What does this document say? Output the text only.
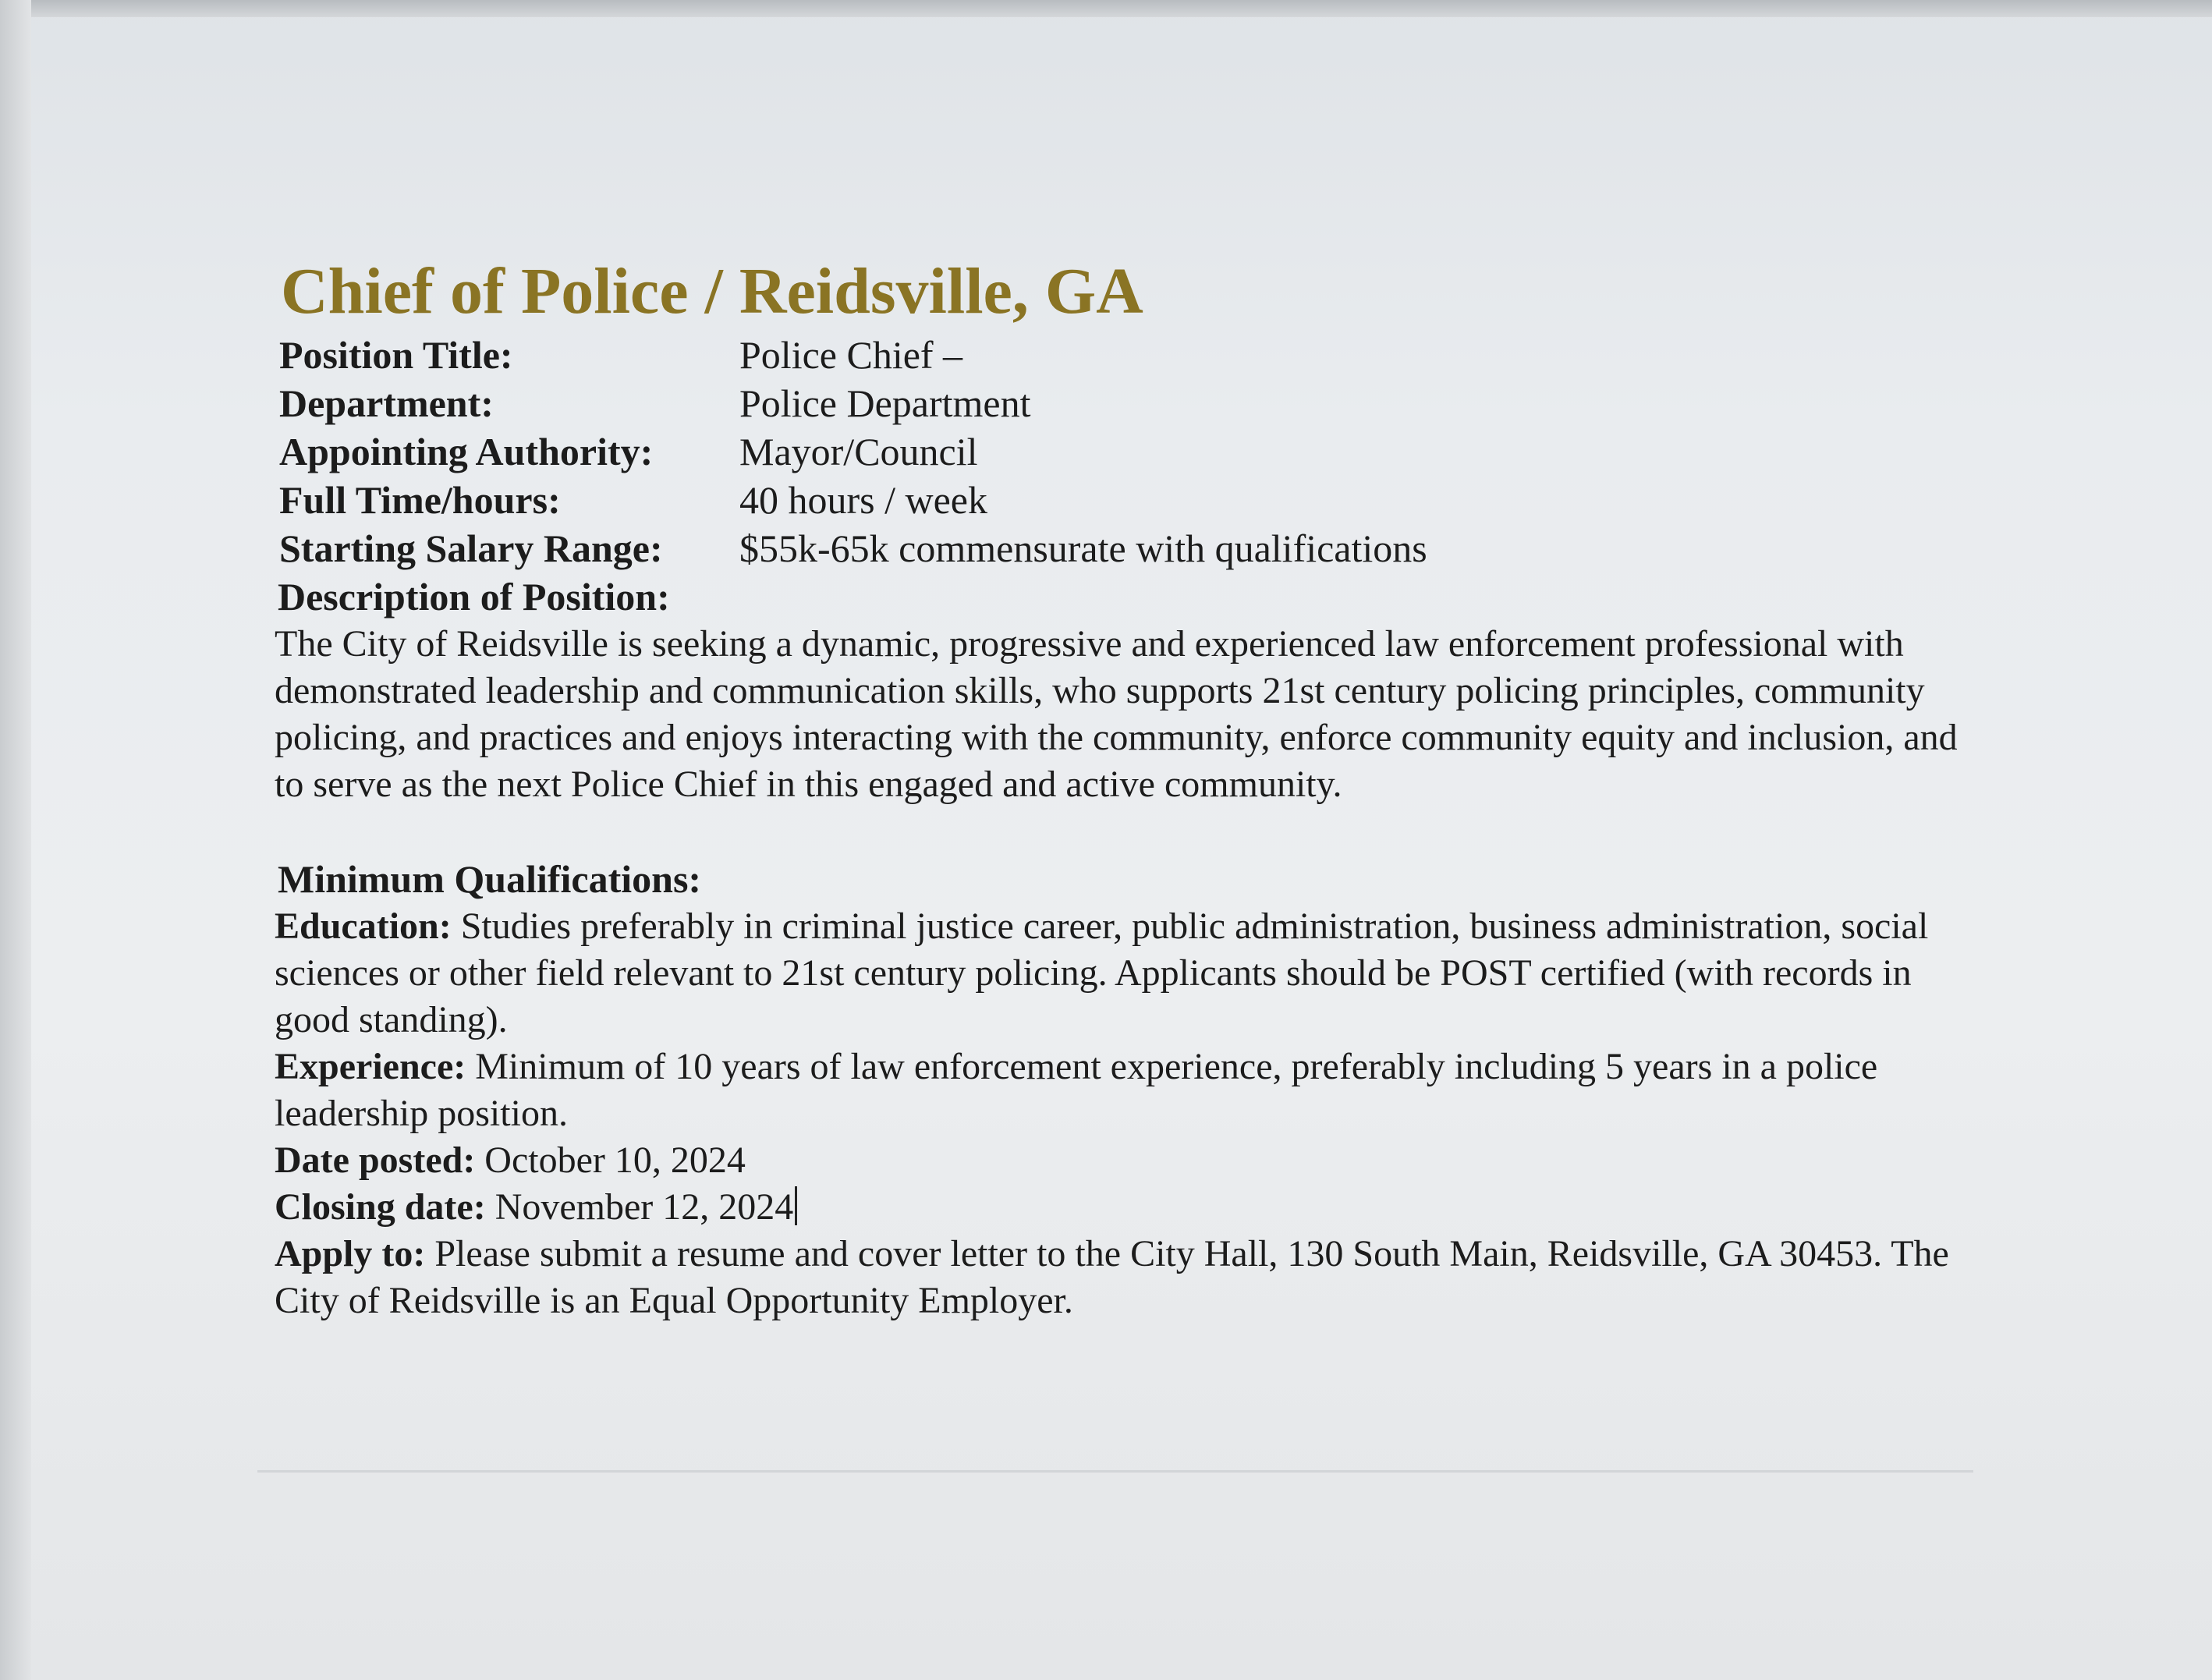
Chief of Police / Reidsville, GA
Position Title:	Police Chief –
Department:	Police Department
Appointing Authority:	Mayor/Council
Full Time/hours:	40 hours / week
Starting Salary Range:	$55k-65k commensurate with qualifications
Description of Position:
The City of Reidsville is seeking a dynamic, progressive and experienced law enforcement professional with demonstrated leadership and communication skills, who supports 21st century policing principles, community policing, and practices and enjoys interacting with the community, enforce community equity and inclusion, and to serve as the next Police Chief in this engaged and active community.
Minimum Qualifications:
Education: Studies preferably in criminal justice career, public administration, business administration, social sciences or other field relevant to 21st century policing. Applicants should be POST certified (with records in good standing).
Experience: Minimum of 10 years of law enforcement experience, preferably including 5 years in a police leadership position.
Date posted: October 10, 2024
Closing date: November 12, 2024
Apply to: Please submit a resume and cover letter to the City Hall, 130 South Main, Reidsville, GA 30453. The City of Reidsville is an Equal Opportunity Employer.
